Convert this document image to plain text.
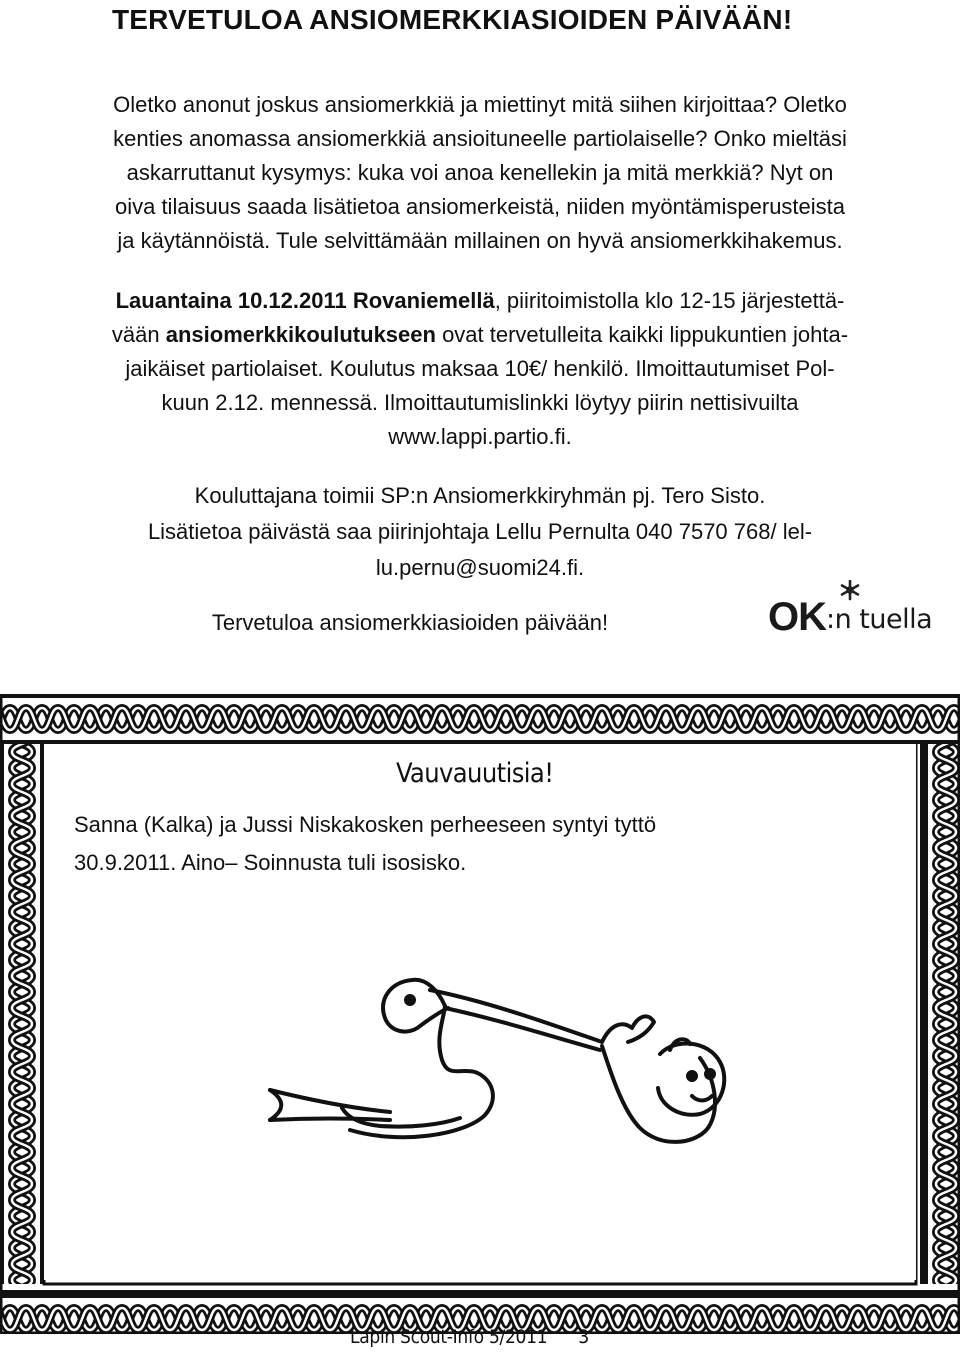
TERVETULOA ANSIOMERKKIASIOIDEN PÄIVÄÄN!

Oletko anonut joskus ansiomerkkiä ja miettinyt mitä siihen kirjoittaa? Oletko

kenties anomassa ansiomerkkiä ansioituneelle partiolaiselle? Onko mieltäsi

askarruttanut kysymys: kuka voi anoa kenellekin ja mitä merkkiä? Nyt on

oiva tilaisuus saada lisätietoa ansiomerkeistä, niiden myöntämisperusteista

ja käytännöistä. Tule selvittämään millainen on hyvä ansiomerkkihakemus.

Lauantaina 10.12.2011 Rovaniemellä, piiritoimistolla klo 12-15 järjestettä-
vään ansiomerkkikoulutukseen ovat tervetulleita kaikki lippukuntien johta-
jaikäiset partiolaiset. Koulutus maksaa 10€/ henkilö. Ilmoittautumiset Pol-
kuun 2.12. mennessä. Ilmoittautumislinkki löytyy piirin nettisivuilta
www.lappi.partio.fi.

Kouluttajana toimii SP:n Ansiomerkkiryhmän pj. Tero Sisto.

Lisätietoa päivästä saa piirinjohtaja Lellu Pernulta 040 7570 768/ lel-

lu.pernu@suomi24.fi.

Tervetuloa ansiomerkkiasioiden päivään!	OK :n tuella
Vauvauutisia!

Sanna (Kalka) ja Jussi Niskakosken perheeseen syntyi tyttö

30.9.2011. Aino– Soinnusta tuli isosisko.

Lapin Scout-Info 5/2011 3
